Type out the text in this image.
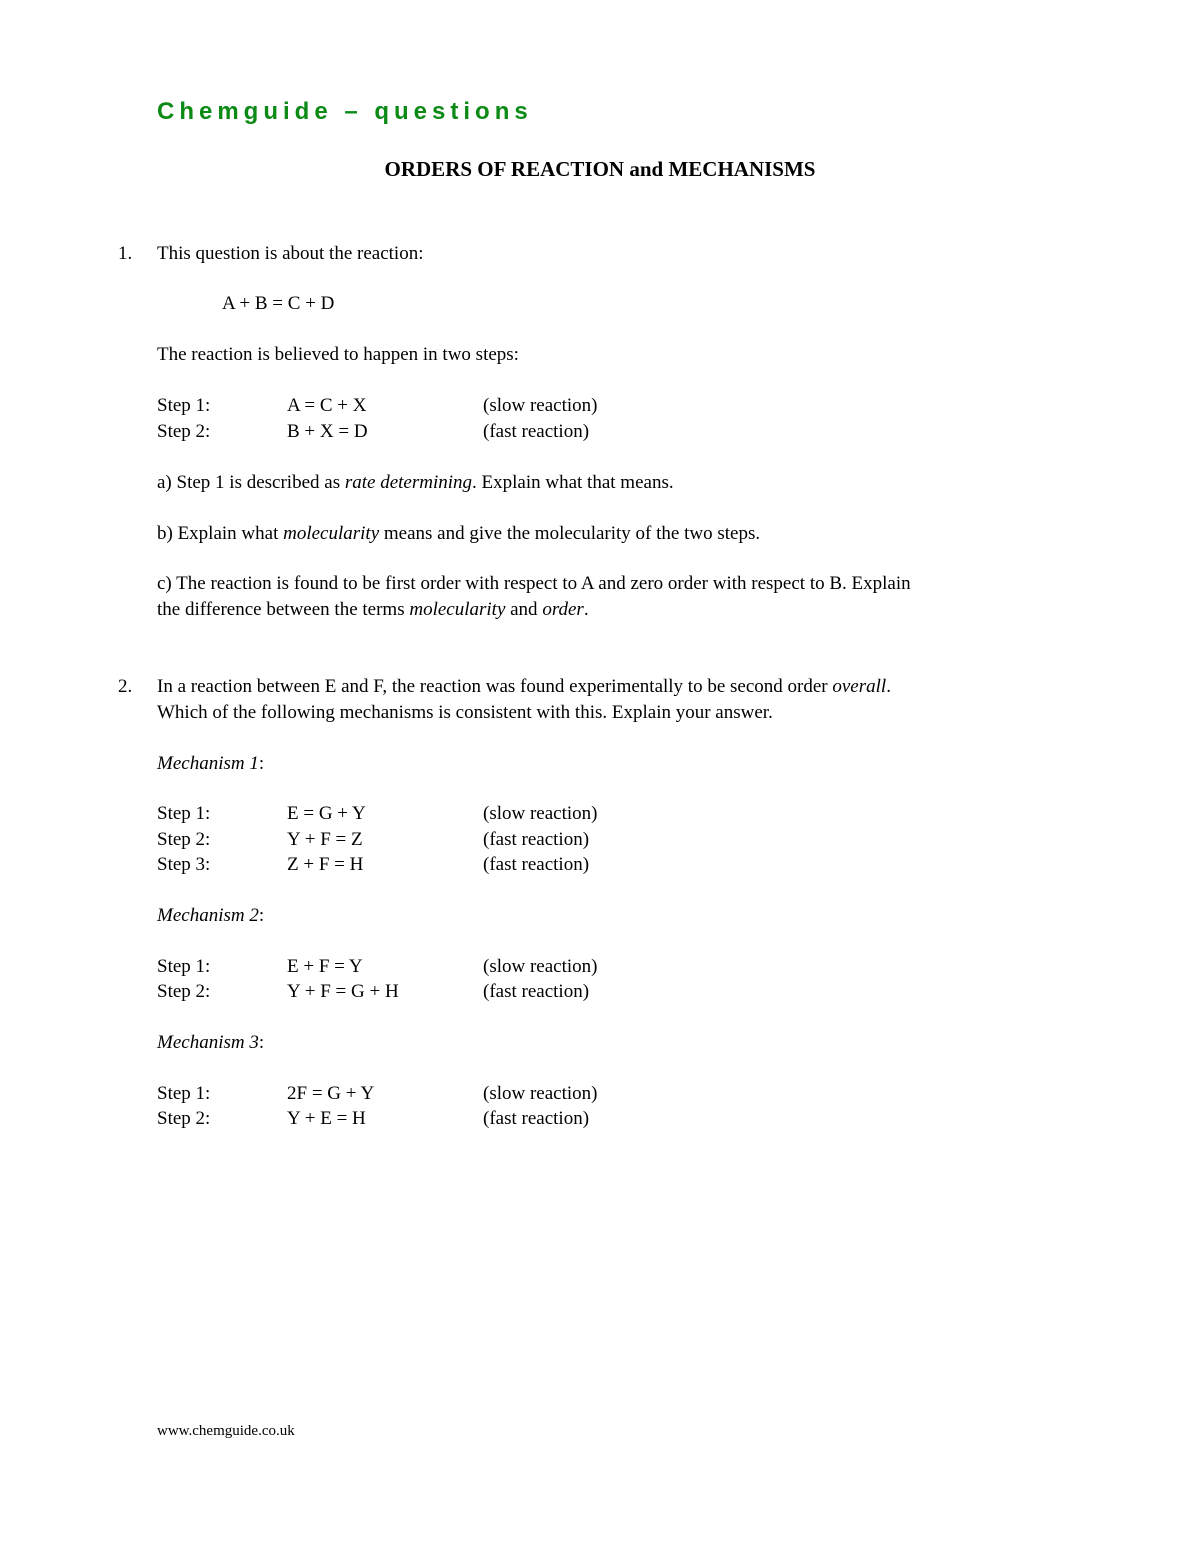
Chemguide – questions
ORDERS OF REACTION and MECHANISMS
1. This question is about the reaction:
A + B = C + D
The reaction is believed to happen in two steps:
Step 1:	A = C + X	(slow reaction)
Step 2:	B + X = D	(fast reaction)
a) Step 1 is described as rate determining. Explain what that means.
b) Explain what molecularity means and give the molecularity of the two steps.
c) The reaction is found to be first order with respect to A and zero order with respect to B. Explain
the difference between the terms molecularity and order.
2. In a reaction between E and F, the reaction was found experimentally to be second order overall.
Which of the following mechanisms is consistent with this. Explain your answer.
Mechanism 1:
Step 1:	E = G + Y	(slow reaction)
Step 2:	Y + F = Z	(fast reaction)
Step 3:	Z + F = H	(fast reaction)
Mechanism 2:
Step 1:	E + F = Y	(slow reaction)
Step 2:	Y + F = G + H	(fast reaction)
Mechanism 3:
Step 1:	2F = G + Y	(slow reaction)
Step 2:	Y + E = H	(fast reaction)
www.chemguide.co.uk
